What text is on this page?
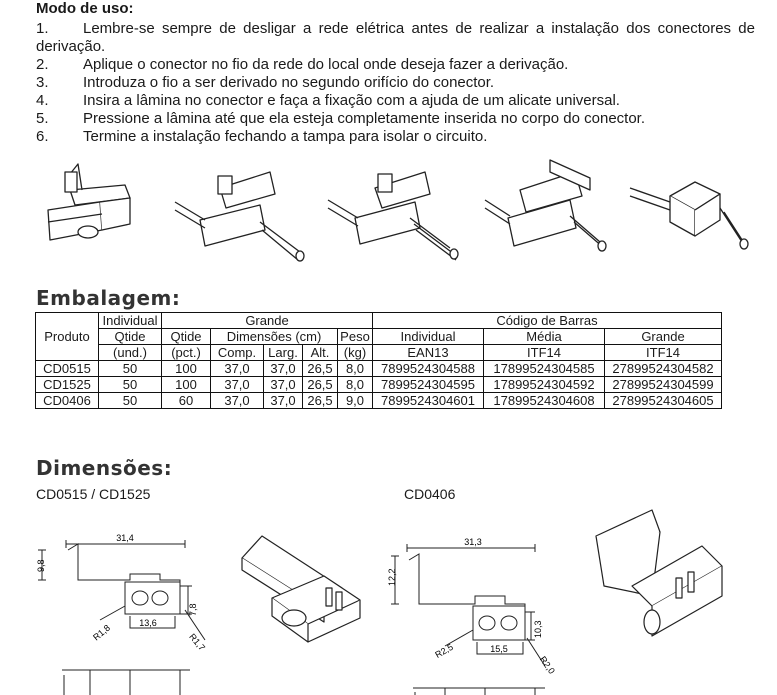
Modo de uso:
1. Lembre-se sempre de desligar a rede elétrica antes de realizar a instalação dos conectores de
derivação.
2. Aplique o conector no fio da rede do local onde deseja fazer a derivação.
3. Introduza o fio a ser derivado no segundo orifício do conector.
4. Insira a lâmina no conector e faça a fixação com a ajuda de um alicate universal.
5. Pressione a lâmina até que ela esteja completamente inserida no corpo do conector.
6. Termine a instalação fechando a tampa para isolar o circuito.
Embalagem:
Produto	Individual	Grande					Código de Barras		
	Qtide	Qtide	Dimensões (cm)			Peso	Individual	Média	Grande
	(und.)	(pct.)	Comp.	Larg.	Alt.	(kg)	EAN13	ITF14	ITF14
CD0515	50	100	37,0	37,0	26,5	8,0	7899524304588	17899524304585	27899524304582
CD1525	50	100	37,0	37,0	26,5	8,0	7899524304595	17899524304592	27899524304599
CD0406	50	60	37,0	37,0	26,5	9,0	7899524304601	17899524304608	27899524304605
Dimensões:
CD0515 / CD1525	CD0406
31,4
9,8
7,8
13,6
R1,8	R1,7
31,3
12,2
10,3
15,5
R2,5
R2,0
